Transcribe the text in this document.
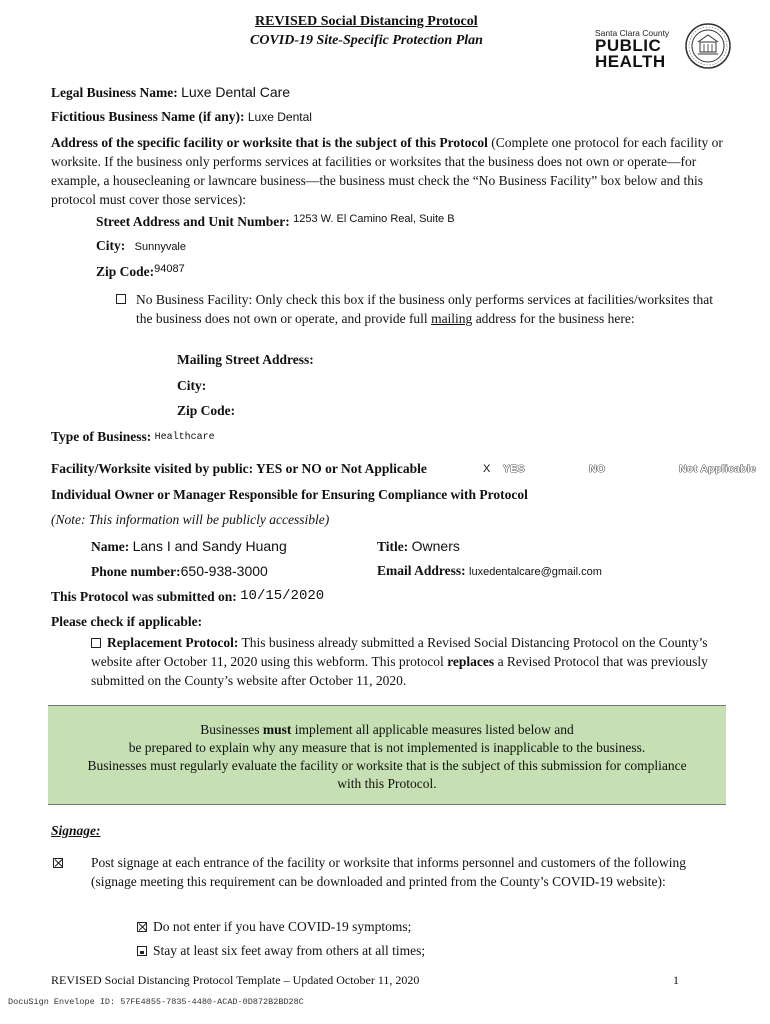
REVISED Social Distancing Protocol
COVID-19 Site-Specific Protection Plan	Santa Clara County
PUBLIC
HEALTH
Legal Business Name: Luxe Dental Care
Fictitious Business Name (if any): Luxe Dental
Address of the specific facility or worksite that is the subject of this Protocol (Complete one protocol for each facility or worksite. If the business only performs services at facilities or worksites that the business does not own or operate—for example, a housecleaning or lawncare business—the business must check the “No Business Facility” box below and this protocol must cover those services):
Street Address and Unit Number: $^{1253 W. El Camino Real, Suite B}$
City: Sunnyvale
Zip Code:$^{94087}$
No Business Facility: Only check this box if the business only performs services at facilities/worksites that the business does not own or operate, and provide full mailing address for the business here:
Mailing Street Address:
City:
Zip Code:
Type of Business: Healthcare
Facility/Worksite visited by public: YES or NO or Not Applicable	X YES	NO	Not Applicable
Individual Owner or Manager Responsible for Ensuring Compliance with Protocol
(Note: This information will be publicly accessible)
Name: Lans I and Sandy Huang	Title: Owners
Phone number:650-938-3000	Email Address: luxedentalcare@gmail.com
This Protocol was submitted on: 10/15/2020
Please check if applicable:
Replacement Protocol: This business already submitted a Revised Social Distancing Protocol on the County’s website after October 11, 2020 using this webform. This protocol replaces a Revised Protocol that was previously submitted on the County’s website after October 11, 2020.

Businesses must implement all applicable measures listed below and

be prepared to explain why any measure that is not implemented is inapplicable to the business.

Businesses must regularly evaluate the facility or worksite that is the subject of this submission for compliance

with this Protocol.

Signage:
Post signage at each entrance of the facility or worksite that informs personnel and customers of the following (signage meeting this requirement can be downloaded and printed from the County’s COVID-19 website):
Do not enter if you have COVID-19 symptoms;
Stay at least six feet away from others at all times;
REVISED Social Distancing Protocol Template – Updated October 11, 2020	1
DocuSign Envelope ID: 57FE4855-7835-4480-ACAD-0D872B2BD28C
